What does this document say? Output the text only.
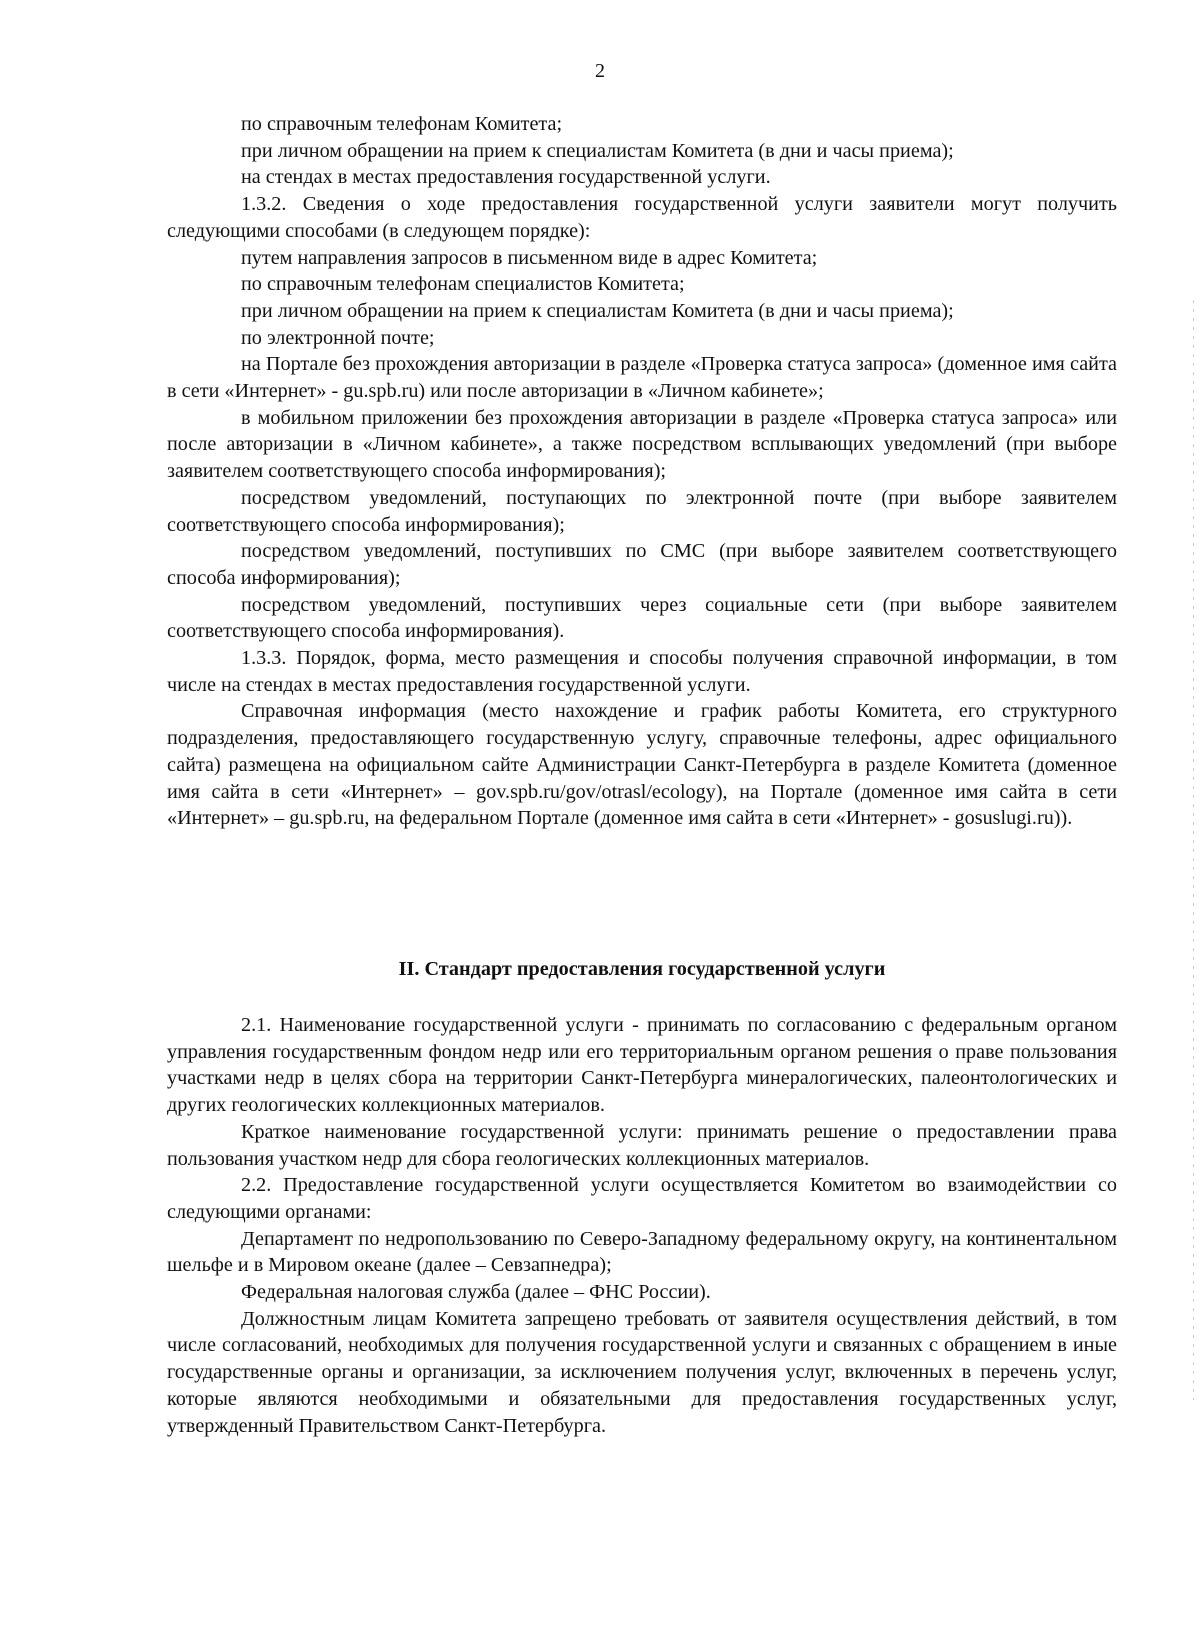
2

по справочным телефонам Комитета;

при личном обращении на прием к специалистам Комитета (в дни и часы приема);

на стендах в местах предоставления государственной услуги.

1.3.2. Сведения о ходе предоставления государственной услуги заявители могут получить следующими способами (в следующем порядке):

путем направления запросов в письменном виде в адрес Комитета;

по справочным телефонам специалистов Комитета;

при личном обращении на прием к специалистам Комитета (в дни и часы приема);

по электронной почте;

на Портале без прохождения авторизации в разделе «Проверка статуса запроса» (доменное имя сайта в сети «Интернет» - gu.spb.ru) или после авторизации в «Личном кабинете»;

в мобильном приложении без прохождения авторизации в разделе «Проверка статуса запроса» или после авторизации в «Личном кабинете», а также посредством всплывающих уведомлений (при выборе заявителем соответствующего способа информирования);

посредством уведомлений, поступающих по электронной почте (при выборе заявителем соответствующего способа информирования);

посредством уведомлений, поступивших по СМС (при выборе заявителем соответствующего способа информирования);

посредством уведомлений, поступивших через социальные сети (при выборе заявителем соответствующего способа информирования).

1.3.3. Порядок, форма, место размещения и способы получения справочной информации, в том числе на стендах в местах предоставления государственной услуги.

Справочная информация (место нахождение и график работы Комитета, его структурного подразделения, предоставляющего государственную услугу, справочные телефоны, адрес официального сайта) размещена на официальном сайте Администрации Санкт-Петербурга в разделе Комитета (доменное имя сайта в сети «Интернет» – gov.spb.ru/gov/otrasl/ecology), на Портале (доменное имя сайта в сети «Интернет» – gu.spb.ru, на федеральном Портале (доменное имя сайта в сети «Интернет» - gosuslugi.ru)).

II. Стандарт предоставления государственной услуги

2.1. Наименование государственной услуги - принимать по согласованию с федеральным органом управления государственным фондом недр или его территориальным органом решения о праве пользования участками недр в целях сбора на территории Санкт-Петербурга минералогических, палеонтологических и других геологических коллекционных материалов.

Краткое наименование государственной услуги: принимать решение о предоставлении права пользования участком недр для сбора геологических коллекционных материалов.

2.2. Предоставление государственной услуги осуществляется Комитетом во взаимодействии со следующими органами:

Департамент по недропользованию по Северо-Западному федеральному округу, на континентальном шельфе и в Мировом океане (далее – Севзапнедра);

Федеральная налоговая служба (далее – ФНС России).

Должностным лицам Комитета запрещено требовать от заявителя осуществления действий, в том числе согласований, необходимых для получения государственной услуги и связанных с обращением в иные государственные органы и организации, за исключением получения услуг, включенных в перечень услуг, которые являются необходимыми и обязательными для предоставления государственных услуг, утвержденный Правительством Санкт-Петербурга.
